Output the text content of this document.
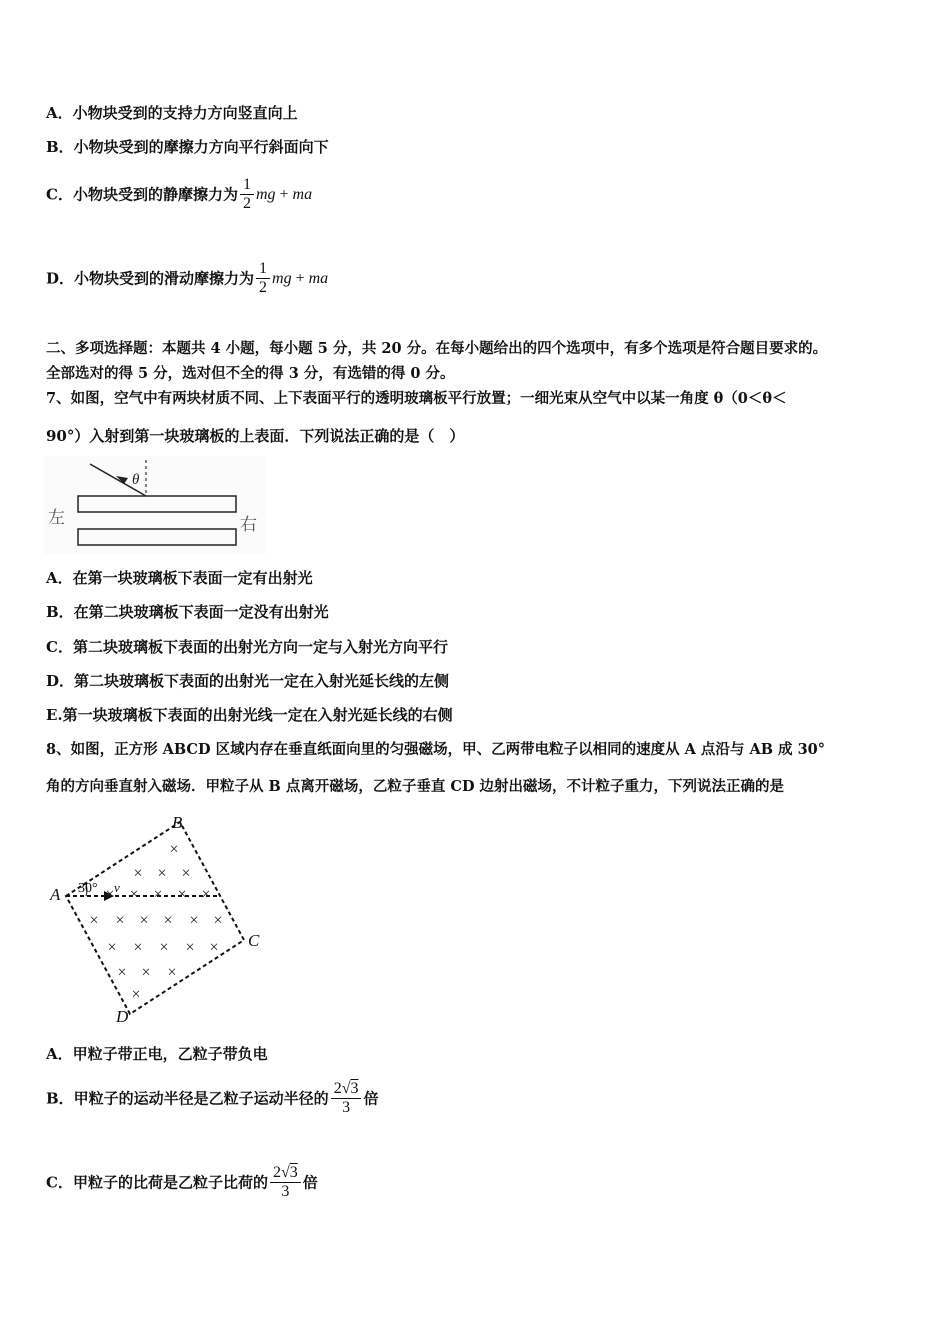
A．小物块受到的支持力方向竖直向上
B．小物块受到的摩擦力方向平行斜面向下
C．小物块受到的静摩擦力为 $\frac{1}{2}$ mg + ma
D．小物块受到的滑动摩擦力为 $\frac{1}{2}$ mg + ma
二、多项选择题：本题共 4 小题，每小题 5 分，共 20 分。在每小题给出的四个选项中，有多个选项是符合题目要求的。
全部选对的得 5 分，选对但不全的得 3 分，有选错的得 0 分。
7、如图，空气中有两块材质不同、上下表面平行的透明玻璃板平行放置；一细光束从空气中以某一角度 θ（0＜θ＜
90°）入射到第一块玻璃板的上表面．下列说法正确的是（　）
θ
左	右
A．在第一块玻璃板下表面一定有出射光
B．在第二块玻璃板下表面一定没有出射光
C．第二块玻璃板下表面的出射光方向一定与入射光方向平行
D．第二块玻璃板下表面的出射光一定在入射光延长线的左侧
E.第一块玻璃板下表面的出射光线一定在入射光延长线的右侧
8、如图，正方形 ABCD 区域内存在垂直纸面向里的匀强磁场，甲、乙两带电粒子以相同的速度从 A 点沿与 AB 成 30°
角的方向垂直射入磁场．甲粒子从 B 点离开磁场，乙粒子垂直 CD 边射出磁场，不计粒子重力，下列说法正确的是
30° v
A
B
C
D
×
× × ×
× × × × ×
× × × × × ×
× × × × ×
× × ×
×
A．甲粒子带正电，乙粒子带负电
B．甲粒子的运动半径是乙粒子运动半径的 $\frac{2√3}{3}$ 倍
C．甲粒子的比荷是乙粒子比荷的 $\frac{2√3}{3}$ 倍
